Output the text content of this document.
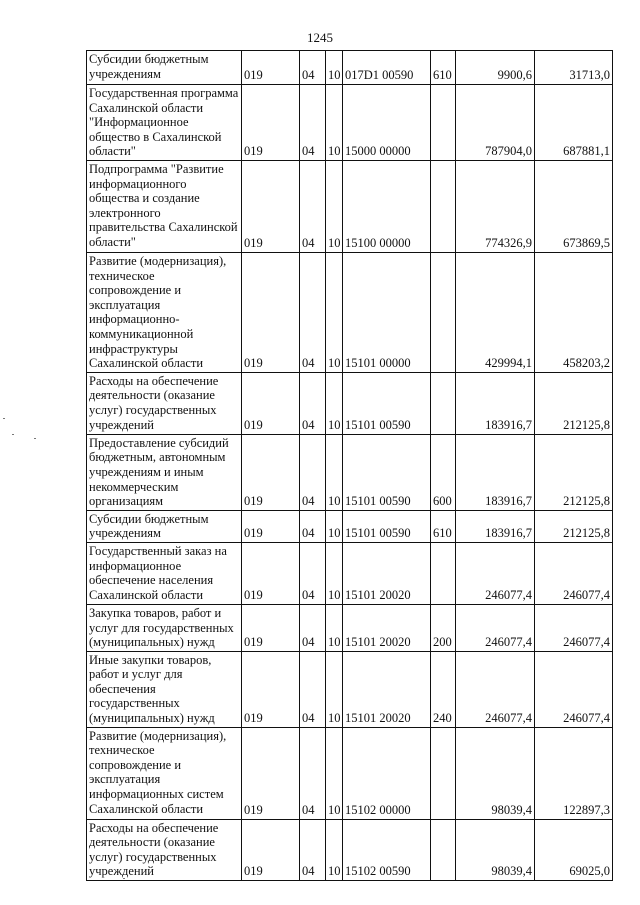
1245
Субсидии бюджетным учреждениям	019	04	10	017D1 00590	610	9900,6	31713,0
Государственная программа Сахалинской области "Информационное общество в Сахалинской области"	019	04	10	15000 00000		787904,0	687881,1
Подпрограмма "Развитие информационного общества и создание электронного правительства Сахалинской области"	019	04	10	15100 00000		774326,9	673869,5
Развитие (модернизация), техническое сопровождение и эксплуатация информационно-коммуникационной инфраструктуры Сахалинской области	019	04	10	15101 00000		429994,1	458203,2
Расходы на обеспечение деятельности (оказание услуг) государственных учреждений	019	04	10	15101 00590		183916,7	212125,8
Предоставление субсидий бюджетным, автономным учреждениям и иным некоммерческим организациям	019	04	10	15101 00590	600	183916,7	212125,8
Субсидии бюджетным учреждениям	019	04	10	15101 00590	610	183916,7	212125,8
Государственный заказ на информационное обеспечение населения Сахалинской области	019	04	10	15101 20020		246077,4	246077,4
Закупка товаров, работ и услуг для государственных (муниципальных) нужд	019	04	10	15101 20020	200	246077,4	246077,4
Иные закупки товаров, работ и услуг для обеспечения государственных (муниципальных) нужд	019	04	10	15101 20020	240	246077,4	246077,4
Развитие (модернизация), техническое сопровождение и эксплуатация информационных систем Сахалинской области	019	04	10	15102 00000		98039,4	122897,3
Расходы на обеспечение деятельности (оказание услуг) государственных учреждений	019	04	10	15102 00590		98039,4	69025,0
